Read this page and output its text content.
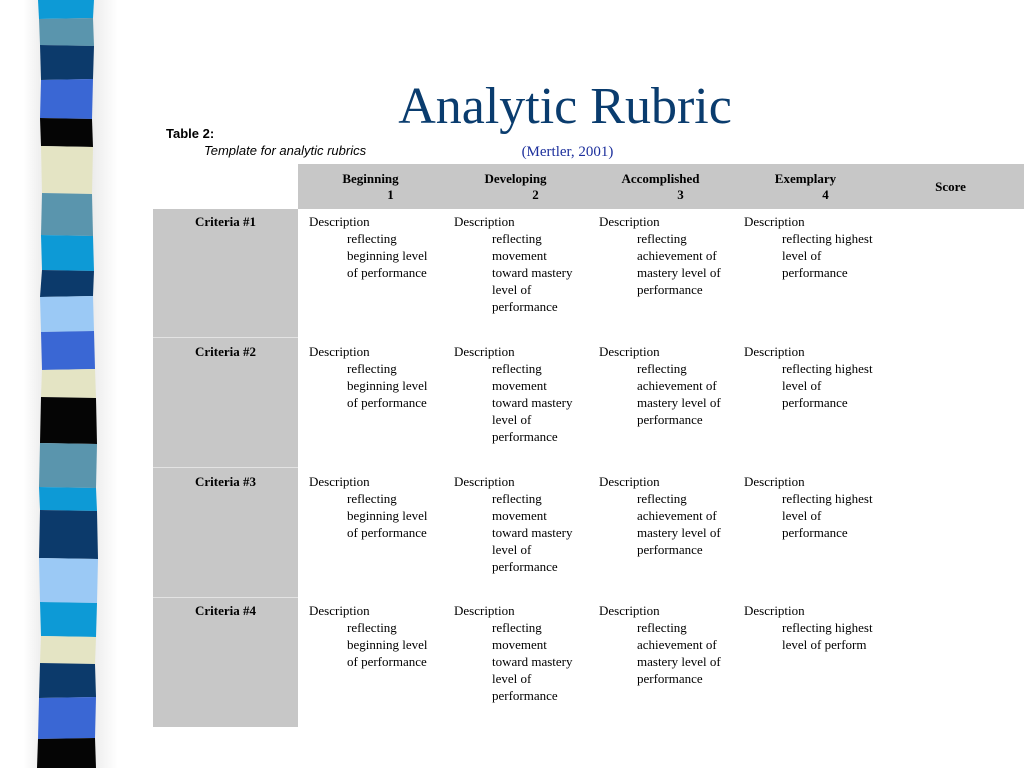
Analytic Rubric
(Mertler, 2001)
Table 2:
Template for analytic rubrics
Beginning
1
Developing
2
Accomplished
3
Exemplary
4
Score
Criteria #1
Criteria #2
Criteria #3
Criteria #4
Description
reflecting beginning level of performance
Description
reflecting movement toward mastery level of performance
Description
reflecting achievement of mastery level of performance
Description
reflecting highest level of performance
Description
reflecting beginning level of performance
Description
reflecting movement toward mastery level of performance
Description
reflecting achievement of mastery level of performance
Description
reflecting highest level of performance
Description
reflecting beginning level of performance
Description
reflecting movement toward mastery level of performance
Description
reflecting achievement of mastery level of performance
Description
reflecting highest level of performance
Description
reflecting beginning level of performance
Description
reflecting movement toward mastery level of performance
Description
reflecting achievement of mastery level of performance
Description
reflecting highest level of perform
